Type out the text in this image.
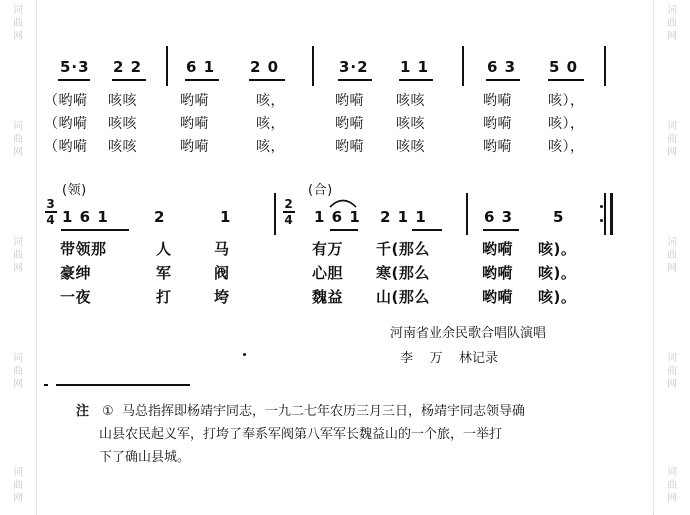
词
曲
网
词
曲
网
词
曲
网
词
曲
网
词
曲
网
词
曲
网
词
曲
网
词
曲
网
词
曲
网
词
曲
网
5·3 2 2	6 1 2 0	3·2 1 1	6 3 5 0
（哟嗬 咳咳	哟嗬	咳，	哟嗬 咳咳	哟嗬	咳），
（哟嗬 咳咳	哟嗬	咳，	哟嗬 咳咳	哟嗬	咳），
（哟嗬 咳咳	哟嗬	咳，	哟嗬 咳咳	哟嗬	咳），
(领)	(合)
3
4
2
4
1 6 1	2	1	1 6 1 2 1 1	6 3	5
带领那	人	马	有万 千(那么	哟嗬 咳)。
豪绅	军	阀	心胆 寒(那么	哟嗬 咳)。
一夜	打	垮	魏益 山(那么	哟嗬 咳)。
河南省业余民歌合唱队演唱
李    万    林记录
注 ① 马总指挥即杨靖宇同志，一九二七年农历三月三日，杨靖宇同志领导确
山县农民起义军，打垮了奉系军阀第八军军长魏益山的一个旅，一举打
下了确山县城。
